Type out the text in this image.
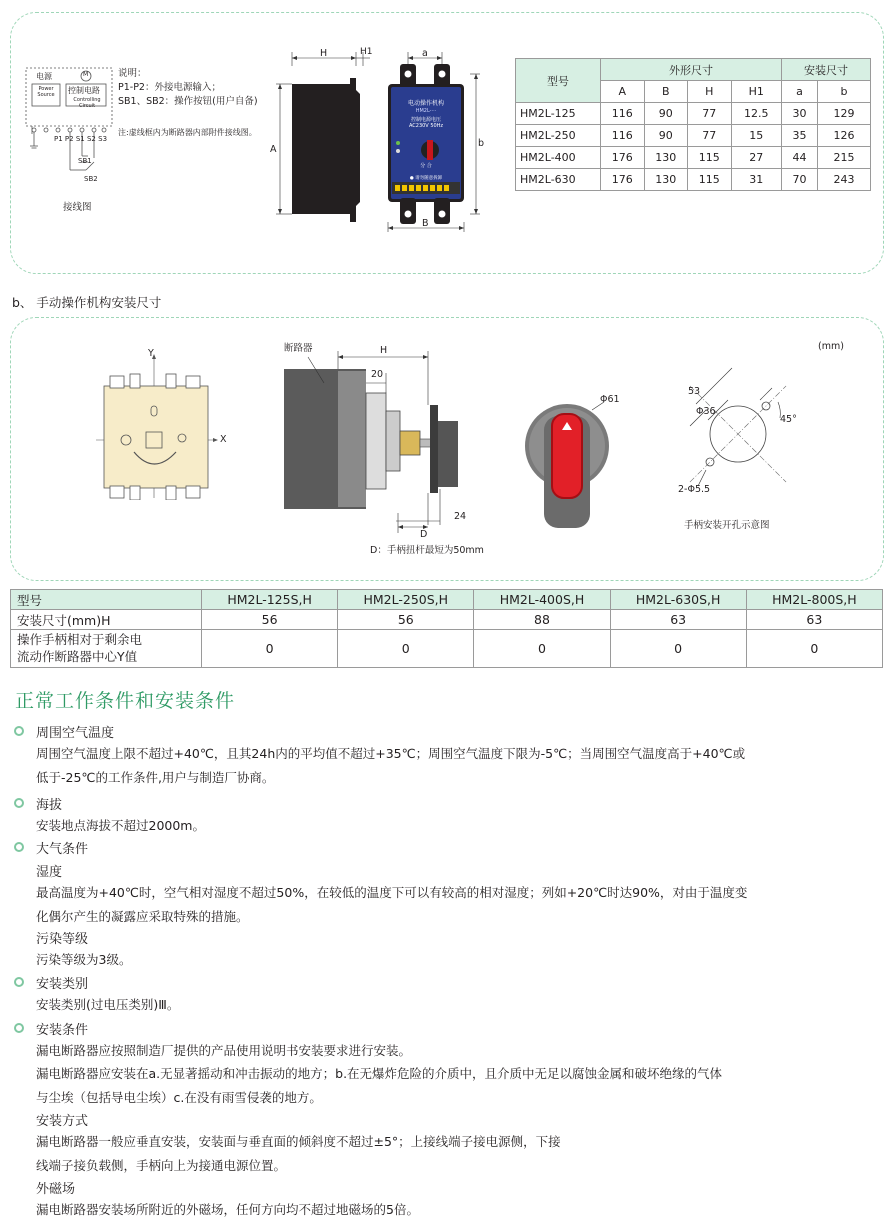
电源
控制电路
Power Source
Controlling Circuit
M
P1 P2 S1 S2 S3
SB1
SB2
接线图
说明：
P1-P2：外接电源输入；
SB1、SB2：操作按钮(用户自备)
注:虚线框内为断路器内部附件接线图。
H	H1
A
a
b
B
电动操作机构
HM2L-···
控制电源电压
AC230V 50Hz
分 合
● 请勿随意拆卸
型号	外形尺寸				安装尺寸	
	A	B	H	H1	a	b
HM2L-125	116	90	77	12.5	30	129
HM2L-250	116	90	77	15	35	126
HM2L-400	176	130	115	27	44	215
HM2L-630	176	130	115	31	70	243
b、 手动操作机构安装尺寸
(mm)
Y
X
断路器	H
20
24
D
D：手柄扭杆最短为50mm
Φ61
53
Φ36
45°
2-Φ5.5
手柄安装开孔示意图
型号	HM2L-125S,H	HM2L-250S,H	HM2L-400S,H	HM2L-630S,H	HM2L-800S,H
安装尺寸(mm)H	56	56	88	63	63
操作手柄相对于剩余电
流动作断路器中心Y值	0	0	0	0	0
正常工作条件和安装条件
周围空气温度
周围空气温度上限不超过+40℃，且其24h内的平均值不超过+35℃；周围空气温度下限为-5℃；当周围空气温度高于+40℃或
低于-25℃的工作条件,用户与制造厂协商。
海拔
安装地点海拔不超过2000m。
大气条件
湿度
最高温度为+40℃时，空气相对湿度不超过50%，在较低的温度下可以有较高的相对湿度；列如+20℃时达90%，对由于温度变
化偶尔产生的凝露应采取特殊的措施。
污染等级
污染等级为3级。
安装类别
安装类别(过电压类别)Ⅲ。
安装条件
漏电断路器应按照制造厂提供的产品使用说明书安装要求进行安装。
漏电断路器应安装在a.无显著摇动和冲击振动的地方；b.在无爆炸危险的介质中，且介质中无足以腐蚀金属和破坏绝缘的气体
与尘埃（包括导电尘埃）c.在没有雨雪侵袭的地方。
安装方式
漏电断路器一般应垂直安装，安装面与垂直面的倾斜度不超过±5°；上接线端子接电源侧，下接
线端子接负载侧，手柄向上为接通电源位置。
外磁场
漏电断路器安装场所附近的外磁场，任何方向均不超过地磁场的5倍。
